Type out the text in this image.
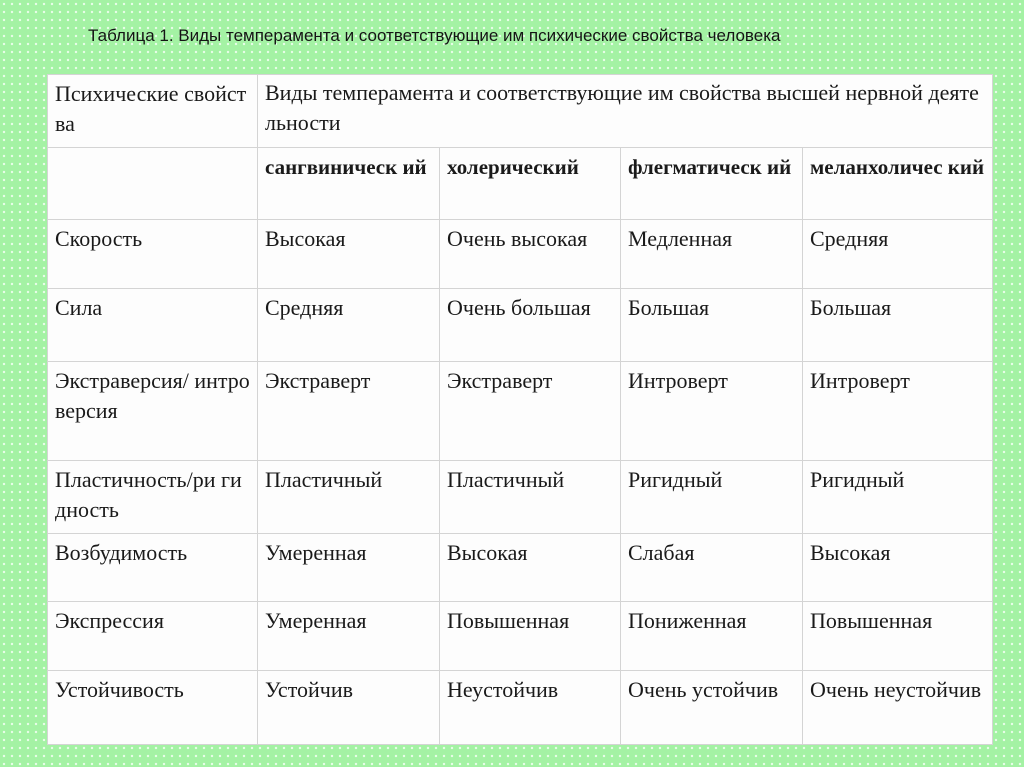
Таблица 1. Виды темперамента и соответствующие им психические свойства человека
Психические свойства	Виды темперамента и соответствующие им свойства высшей нервной деятельности			
	сангвиническ ий	холерический	флегматическ ий	меланхоличес кий
Скорость	Высокая	Очень высокая	Медленная	Средняя
Сила	Средняя	Очень большая	Большая	Большая
Экстраверсия/ интроверсия	Экстраверт	Экстраверт	Интроверт	Интроверт
Пластичность/ри гидность	Пластичный	Пластичный	Ригидный	Ригидный
Возбудимость	Умеренная	Высокая	Слабая	Высокая
Экспрессия	Умеренная	Повышенная	Пониженная	Повышенная
Устойчивость	Устойчив	Неустойчив	Очень устойчив	Очень неустойчив
